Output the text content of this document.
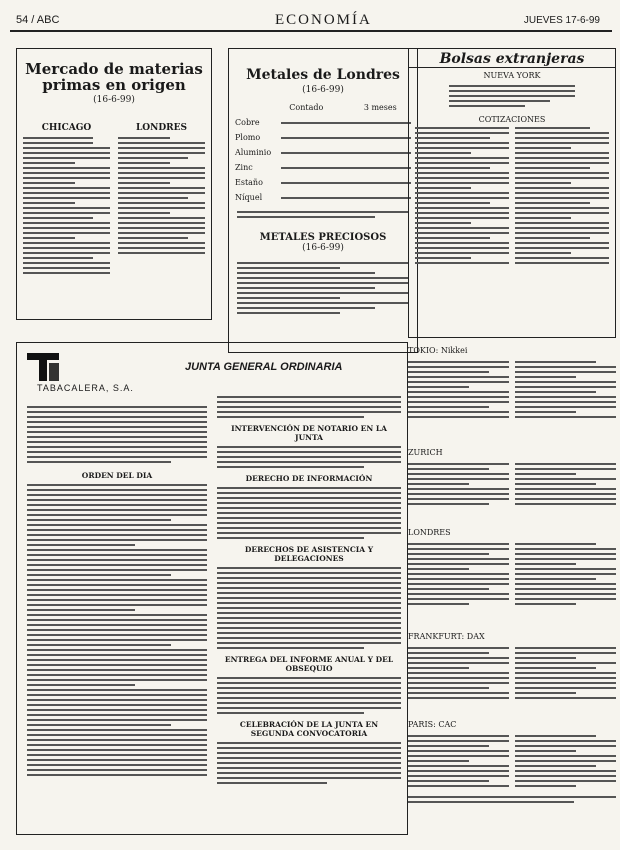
54 / ABC	ECONOMÍA	JUEVES 17-6-99
Mercado de materias primas en origen
(16-6-99)
CHICAGO	LONDRES
Metales de Londres
(16-6-99)
Contado	3 meses
Cobre
Plomo
Aluminio
Zinc
Estaño
Níquel
METALES PRECIOSOS
(16-6-99)
Bolsas extranjeras
NUEVA YORK
COTIZACIONES
TOKIO: Nikkei
ZURICH
LONDRES
FRANKFURT: DAX
PARIS: CAC
TABACALERA, S.A.
JUNTA GENERAL ORDINARIA
ORDEN DEL DIA
INTERVENCIÓN DE NOTARIO EN LA JUNTA
DERECHO DE INFORMACIÓN
DERECHOS DE ASISTENCIA Y DELEGACIONES
ENTREGA DEL INFORME ANUAL Y DEL OBSEQUIO
CELEBRACIÓN DE LA JUNTA EN SEGUNDA CONVOCATORIA
